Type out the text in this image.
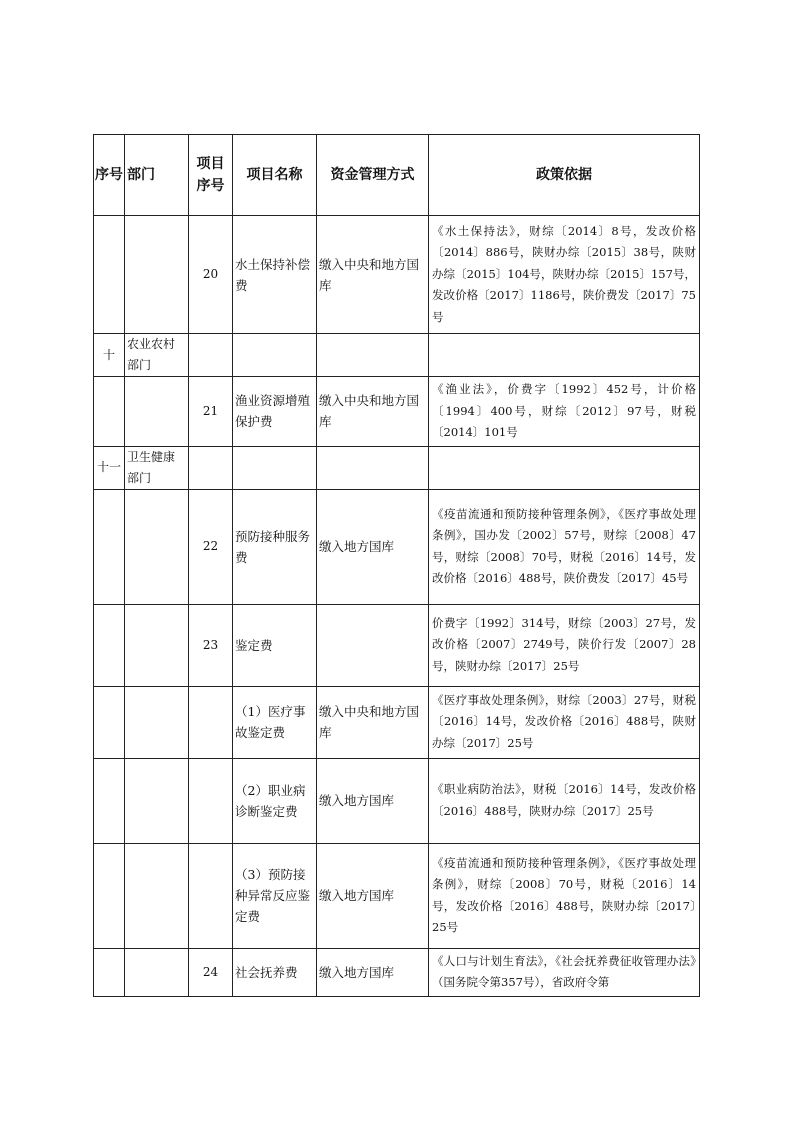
序号	部门	项目序号	项目名称	资金管理方式	政策依据
		20	水土保持补偿费	缴入中央和地方国库	《水土保持法》，财综〔2014〕8号，发改价格〔2014〕886号，陕财办综〔2015〕38号，陕财办综〔2015〕104号，陕财办综〔2015〕157号，发改价格〔2017〕1186号，陕价费发〔2017〕75号
十	农业农村部门				
		21	渔业资源增殖保护费	缴入中央和地方国库	《渔业法》，价费字〔1992〕452号，计价格〔1994〕400号，财综〔2012〕97号，财税〔2014〕101号
十一	卫生健康部门				
		22	预防接种服务费	缴入地方国库	《疫苗流通和预防接种管理条例》，《医疗事故处理条例》，国办发〔2002〕57号，财综〔2008〕47号，财综〔2008〕70号，财税〔2016〕14号，发改价格〔2016〕488号，陕价费发〔2017〕45号
		23	鉴定费		价费字〔1992〕314号，财综〔2003〕27号，发改价格〔2007〕2749号，陕价行发〔2007〕28号，陕财办综〔2017〕25号
			（1）医疗事故鉴定费	缴入中央和地方国库	《医疗事故处理条例》，财综〔2003〕27号，财税〔2016〕14号，发改价格〔2016〕488号，陕财办综〔2017〕25号
			（2）职业病诊断鉴定费	缴入地方国库	《职业病防治法》，财税〔2016〕14号，发改价格〔2016〕488号，陕财办综〔2017〕25号
			（3）预防接种异常反应鉴定费	缴入地方国库	《疫苗流通和预防接种管理条例》，《医疗事故处理条例》，财综〔2008〕70号，财税〔2016〕14号，发改价格〔2016〕488号，陕财办综〔2017〕25号
		24	社会抚养费	缴入地方国库	《人口与计划生育法》，《社会抚养费征收管理办法》（国务院令第357号），省政府令第
